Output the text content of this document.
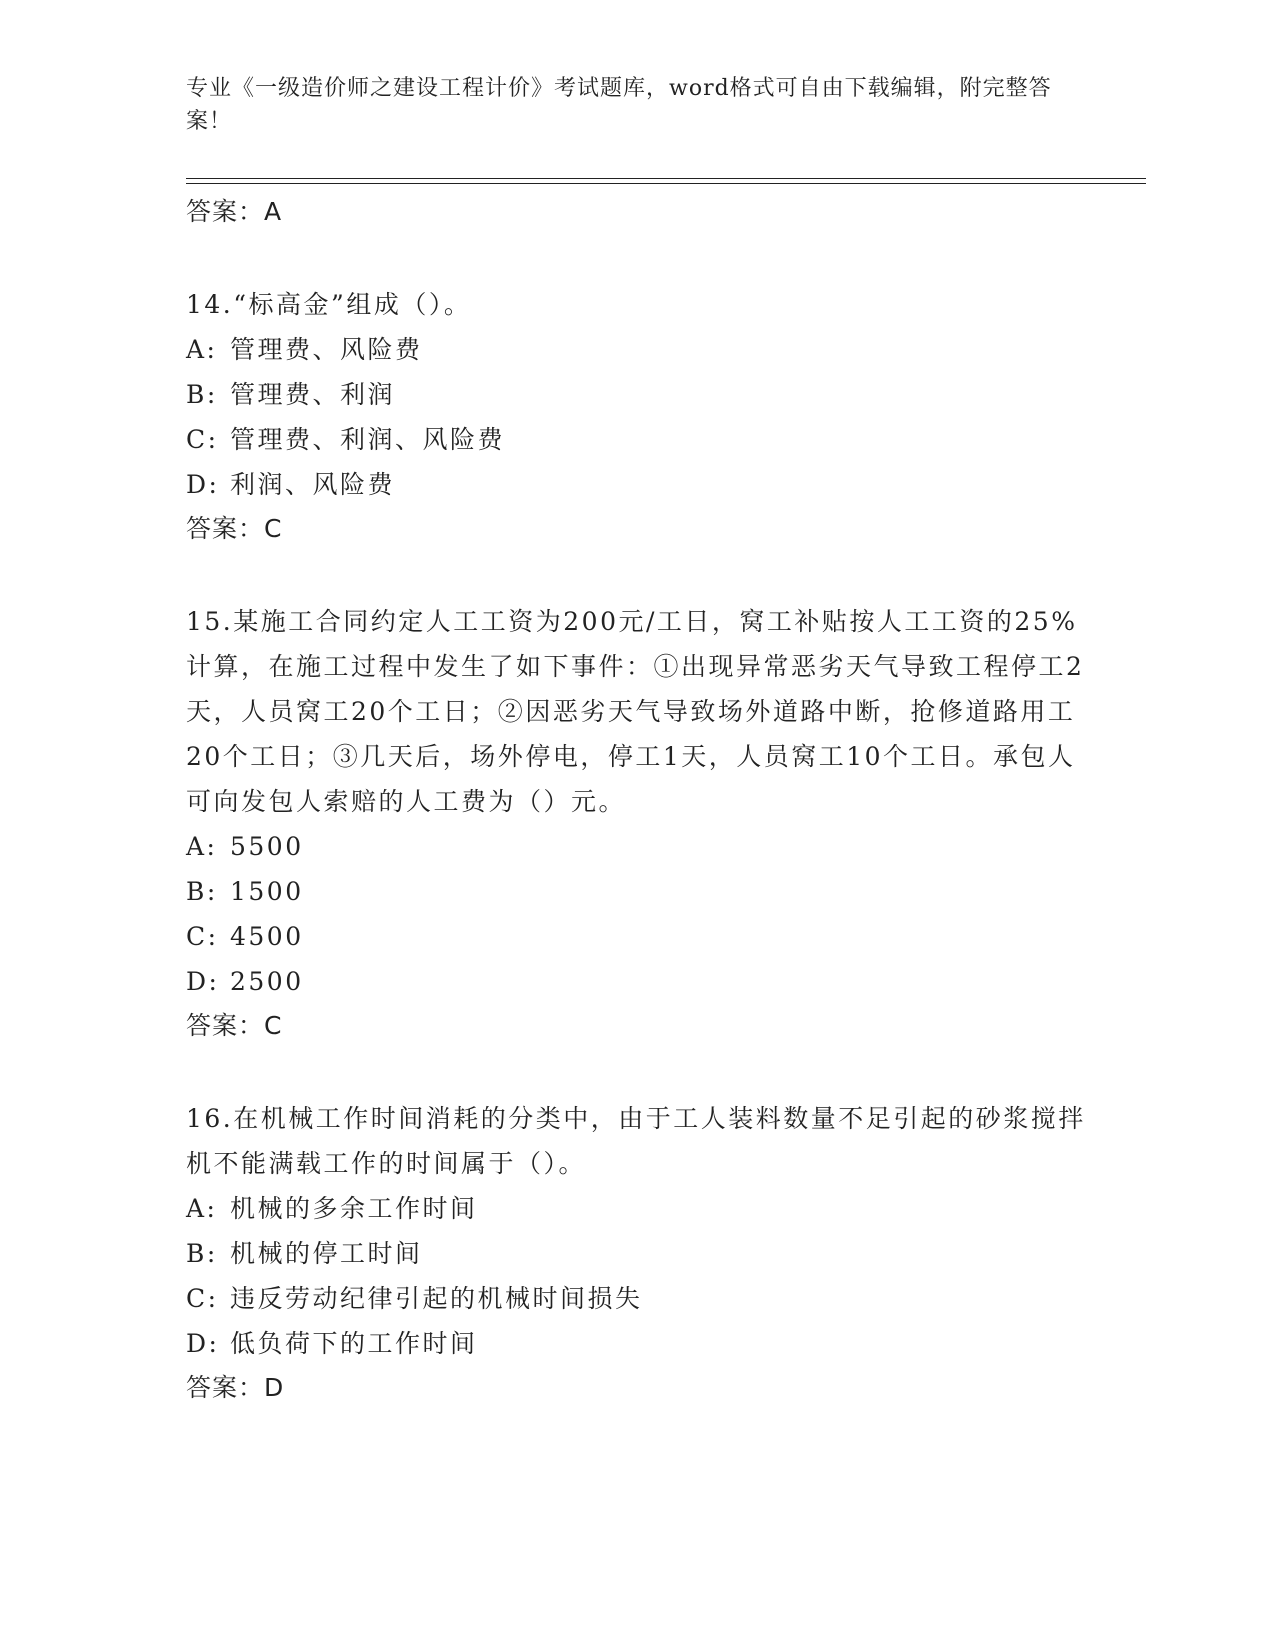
专业《一级造价师之建设工程计价》考试题库，word格式可自由下载编辑，附完整答案！

答案：A

14.“标高金”组成（）。

A: 管理费、风险费

B: 管理费、利润

C: 管理费、利润、风险费

D: 利润、风险费

答案：C

15.某施工合同约定人工工资为200元/工日，窝工补贴按人工工资的25%计算，在施工过程中发生了如下事件：①出现异常恶劣天气导致工程停工2天，人员窝工20个工日；②因恶劣天气导致场外道路中断，抢修道路用工20个工日；③几天后，场外停电，停工1天，人员窝工10个工日。承包人可向发包人索赔的人工费为（）元。

A: 5500

B: 1500

C: 4500

D: 2500

答案：C

16.在机械工作时间消耗的分类中，由于工人装料数量不足引起的砂浆搅拌机不能满载工作的时间属于（）。

A: 机械的多余工作时间

B: 机械的停工时间

C: 违反劳动纪律引起的机械时间损失

D: 低负荷下的工作时间

答案：D
